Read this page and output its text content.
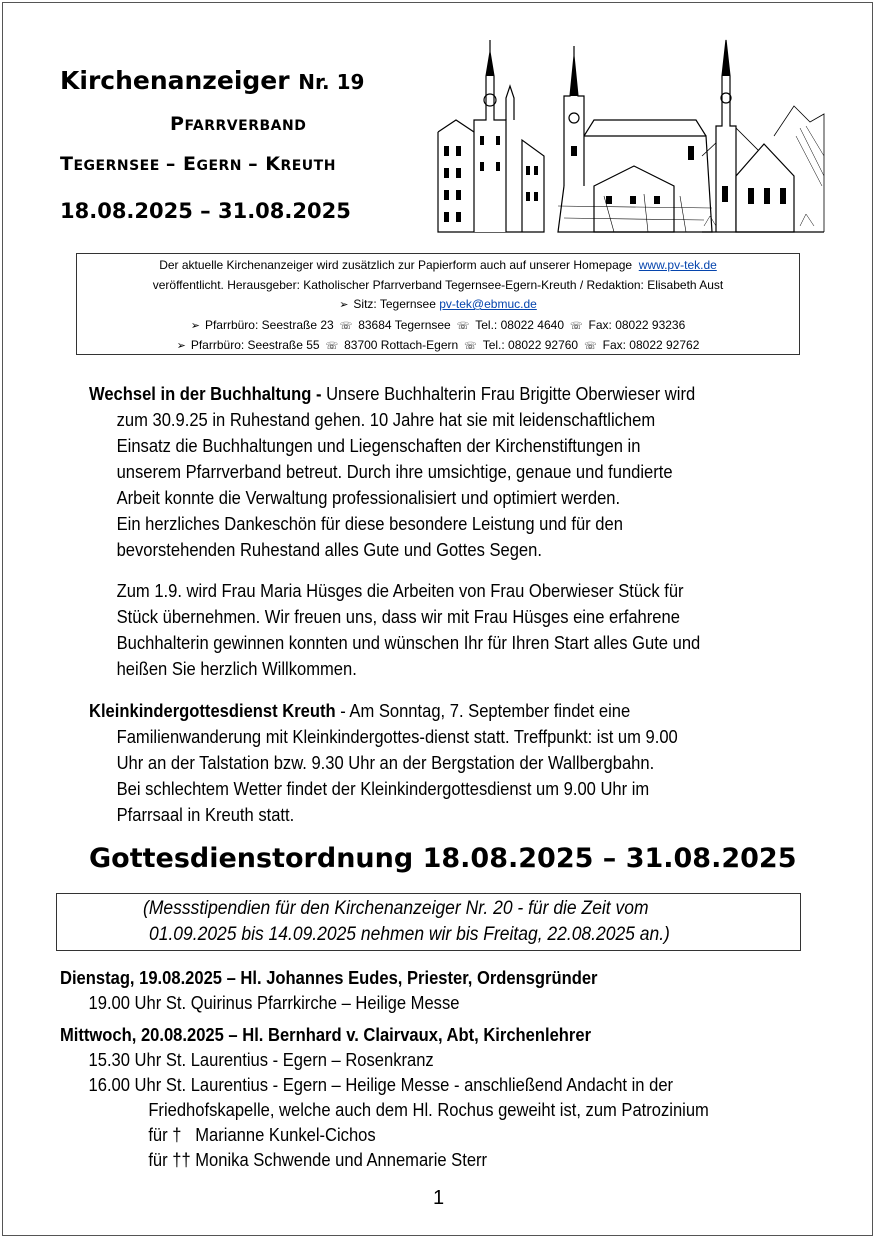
Kirchenanzeiger Nr. 19
PFARRVERBAND
TEGERNSEE – EGERN – KREUTH
18.08.2025 – 31.08.2025
Der aktuelle Kirchenanzeiger wird zusätzlich zur Papierform auch auf unserer Homepage www.pv-tek.de
veröffentlicht. Herausgeber: Katholischer Pfarrverband Tegernsee-Egern-Kreuth / Redaktion: Elisabeth Aust
➢ Sitz: Tegernsee pv-tek@ebmuc.de
➢ Pfarrbüro: Seestraße 23 ☏ 83684 Tegernsee ☏ Tel.: 08022 4640 ☏ Fax: 08022 93236
➢ Pfarrbüro: Seestraße 55 ☏ 83700 Rottach-Egern ☏ Tel.: 08022 92760 ☏ Fax: 08022 92762

Wechsel in der Buchhaltung - Unsere Buchhalterin Frau Brigitte Oberwieser wird
zum 30.9.25 in Ruhestand gehen. 10 Jahre hat sie mit leidenschaftlichem
Einsatz die Buchhaltungen und Liegenschaften der Kirchenstiftungen in
unserem Pfarrverband betreut. Durch ihre umsichtige, genaue und fundierte
Arbeit konnte die Verwaltung professionalisiert und optimiert werden.
Ein herzliches Dankeschön für diese besondere Leistung und für den
bevorstehenden Ruhestand alles Gute und Gottes Segen.

Zum 1.9. wird Frau Maria Hüsges die Arbeiten von Frau Oberwieser Stück für
Stück übernehmen. Wir freuen uns, dass wir mit Frau Hüsges eine erfahrene
Buchhalterin gewinnen konnten und wünschen Ihr für Ihren Start alles Gute und
heißen Sie herzlich Willkommen.

Kleinkindergottesdienst Kreuth - Am Sonntag, 7. September findet eine
Familienwanderung mit Kleinkindergottes-dienst statt. Treffpunkt: ist um 9.00
Uhr an der Talstation bzw. 9.30 Uhr an der Bergstation der Wallbergbahn.
Bei schlechtem Wetter findet der Kleinkindergottesdienst um 9.00 Uhr im
Pfarrsaal in Kreuth statt.

Gottesdienstordnung 18.08.2025 – 31.08.2025
(Messstipendien für den Kirchenanzeiger Nr. 20 - für die Zeit vom
01.09.2025 bis 14.09.2025 nehmen wir bis Freitag, 22.08.2025 an.)
Dienstag, 19.08.2025 – Hl. Johannes Eudes, Priester, Ordensgründer
19.00 Uhr St. Quirinus Pfarrkirche – Heilige Messe
Mittwoch, 20.08.2025 – Hl. Bernhard v. Clairvaux, Abt, Kirchenlehrer
15.30 Uhr St. Laurentius - Egern – Rosenkranz
16.00 Uhr St. Laurentius - Egern – Heilige Messe - anschließend Andacht in der
Friedhofskapelle, welche auch dem Hl. Rochus geweiht ist, zum Patrozinium
für †   Marianne Kunkel-Cichos
für †† Monika Schwende und Annemarie Sterr
1
